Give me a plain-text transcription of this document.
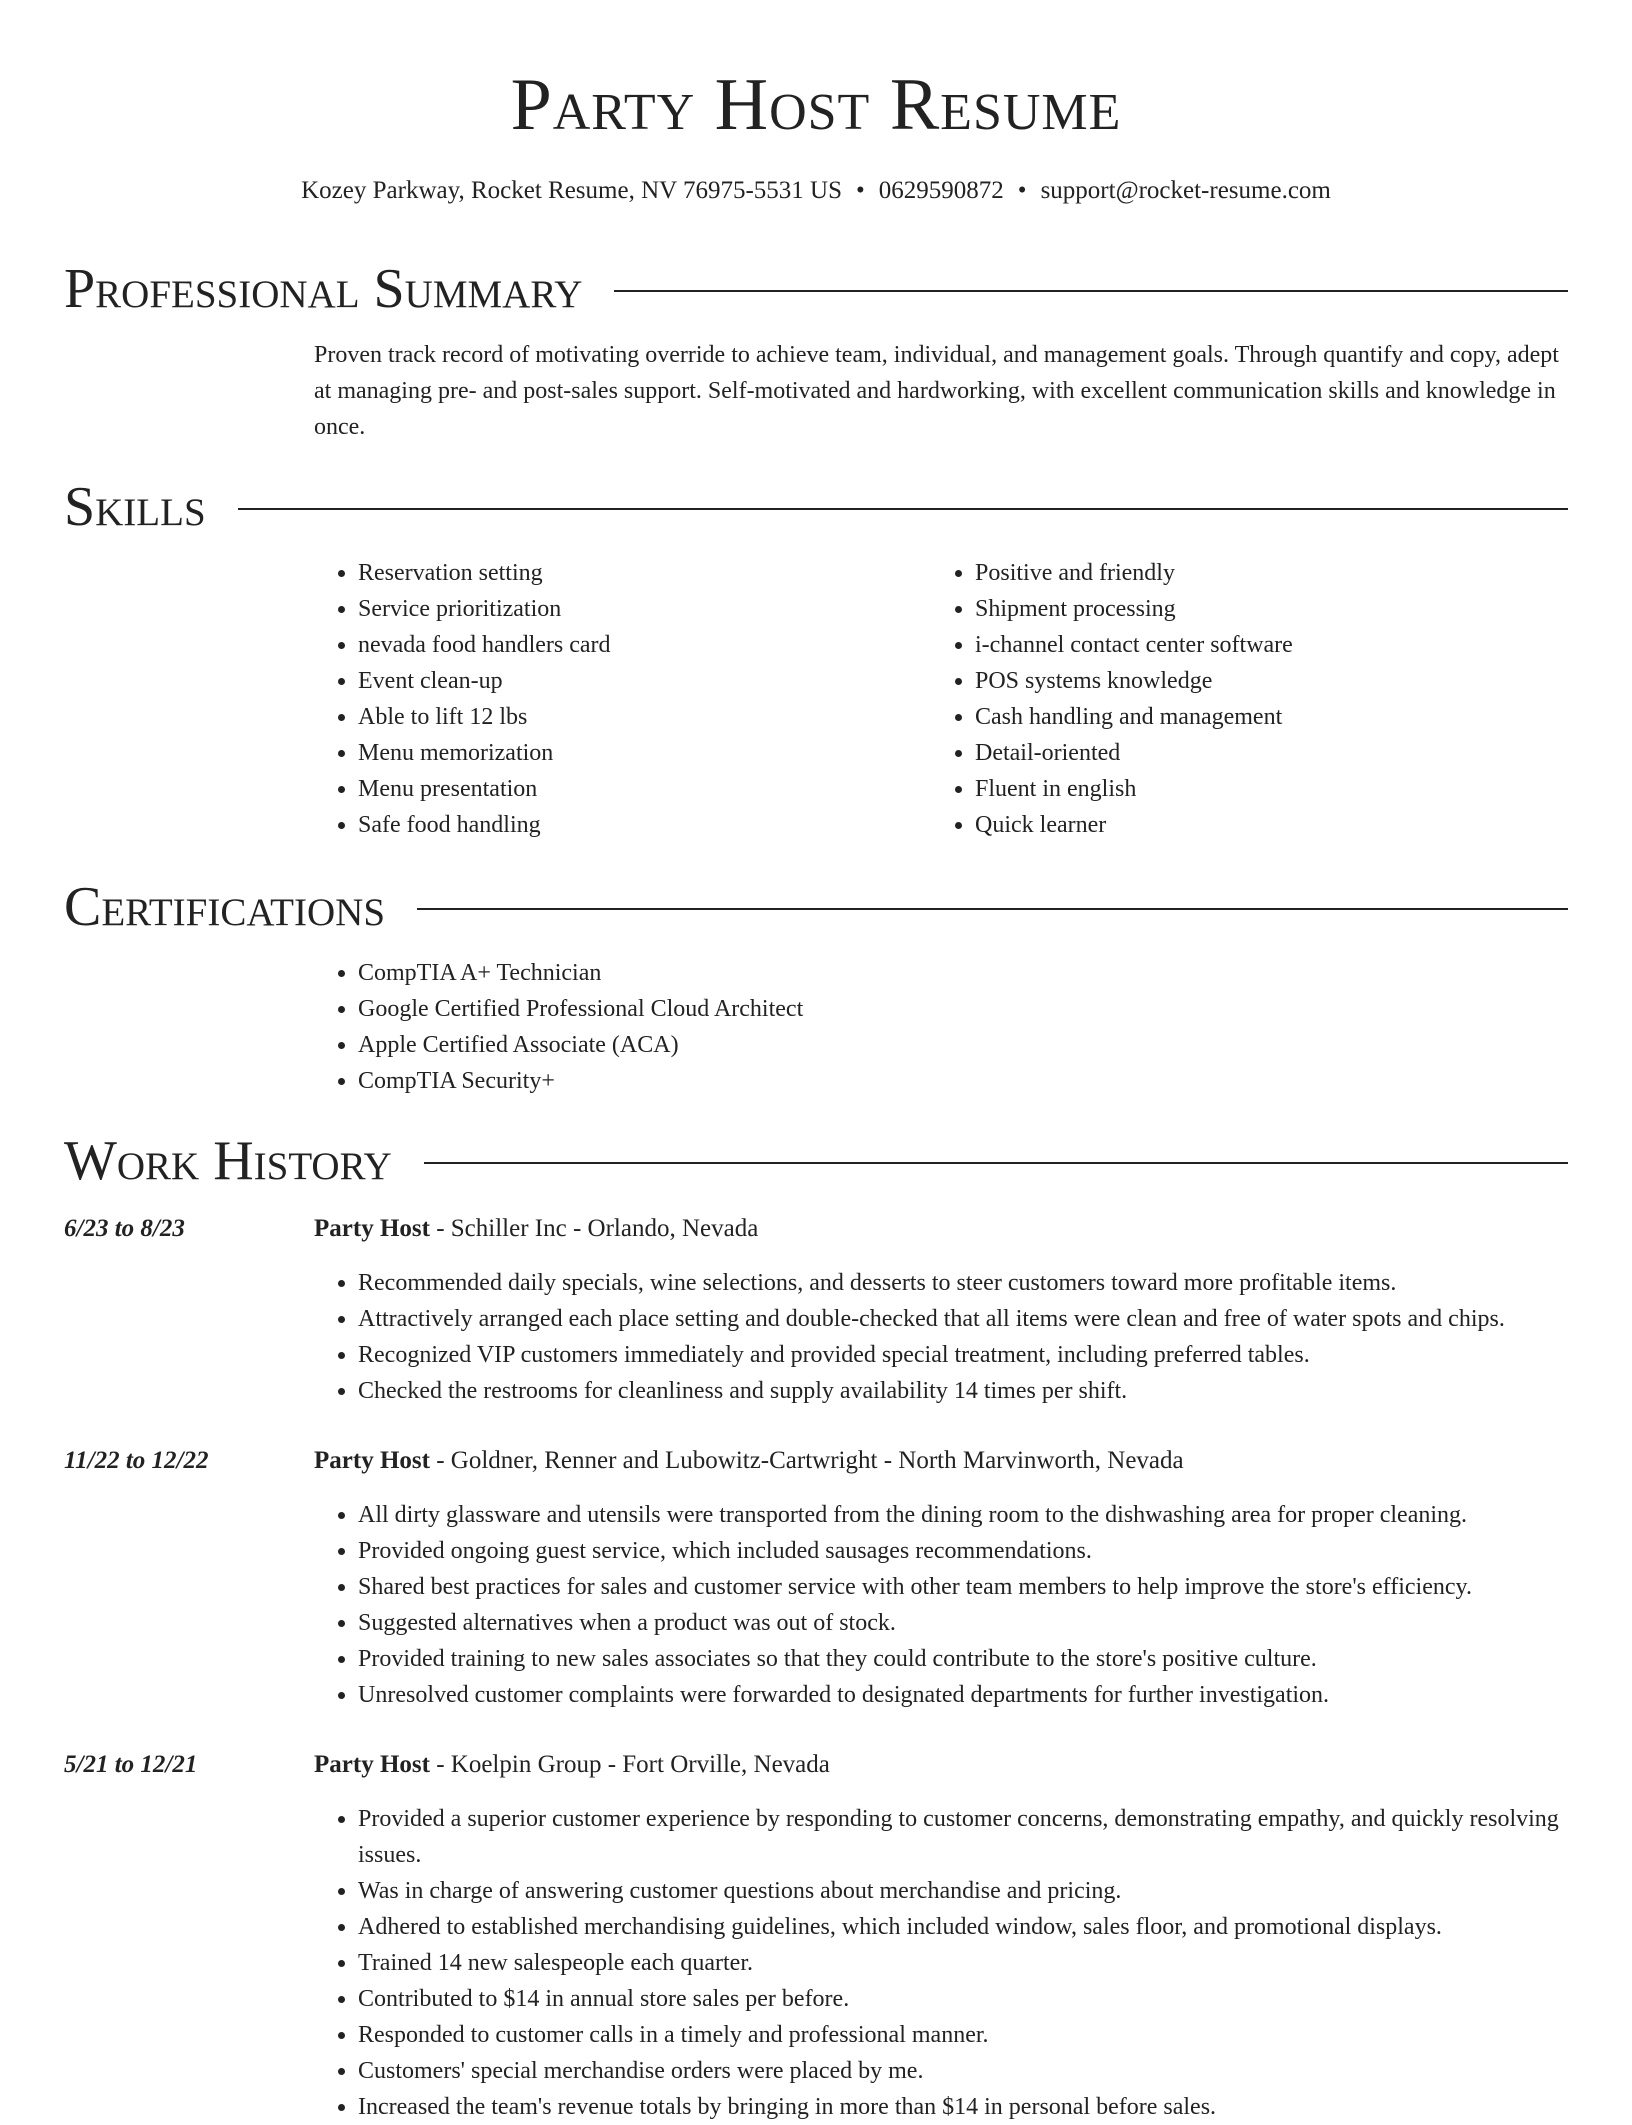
Party Host Resume
Kozey Parkway, Rocket Resume, NV 76975-5531 US • 0629590872 • support@rocket-resume.com
Professional Summary
Proven track record of motivating override to achieve team, individual, and management goals. Through quantify and copy, adept at managing pre- and post-sales support. Self-motivated and hardworking, with excellent communication skills and knowledge in once.
Skills
• Reservation setting
• Service prioritization
• nevada food handlers card
• Event clean-up
• Able to lift 12 lbs
• Menu memorization
• Menu presentation
• Safe food handling
• Positive and friendly
• Shipment processing
• i-channel contact center software
• POS systems knowledge
• Cash handling and management
• Detail-oriented
• Fluent in english
• Quick learner
Certifications
• CompTIA A+ Technician
• Google Certified Professional Cloud Architect
• Apple Certified Associate (ACA)
• CompTIA Security+
Work History
6/23 to 8/23	Party Host - Schiller Inc - Orlando, Nevada
• Recommended daily specials, wine selections, and desserts to steer customers toward more profitable items.
• Attractively arranged each place setting and double-checked that all items were clean and free of water spots and chips.
• Recognized VIP customers immediately and provided special treatment, including preferred tables.
• Checked the restrooms for cleanliness and supply availability 14 times per shift.
11/22 to 12/22	Party Host - Goldner, Renner and Lubowitz-Cartwright - North Marvinworth, Nevada
• All dirty glassware and utensils were transported from the dining room to the dishwashing area for proper cleaning.
• Provided ongoing guest service, which included sausages recommendations.
• Shared best practices for sales and customer service with other team members to help improve the store's efficiency.
• Suggested alternatives when a product was out of stock.
• Provided training to new sales associates so that they could contribute to the store's positive culture.
• Unresolved customer complaints were forwarded to designated departments for further investigation.
5/21 to 12/21	Party Host - Koelpin Group - Fort Orville, Nevada
• Provided a superior customer experience by responding to customer concerns, demonstrating empathy, and quickly resolving issues.
• Was in charge of answering customer questions about merchandise and pricing.
• Adhered to established merchandising guidelines, which included window, sales floor, and promotional displays.
• Trained 14 new salespeople each quarter.
• Contributed to $14 in annual store sales per before.
• Responded to customer calls in a timely and professional manner.
• Customers' special merchandise orders were placed by me.
• Increased the team's revenue totals by bringing in more than $14 in personal before sales.
